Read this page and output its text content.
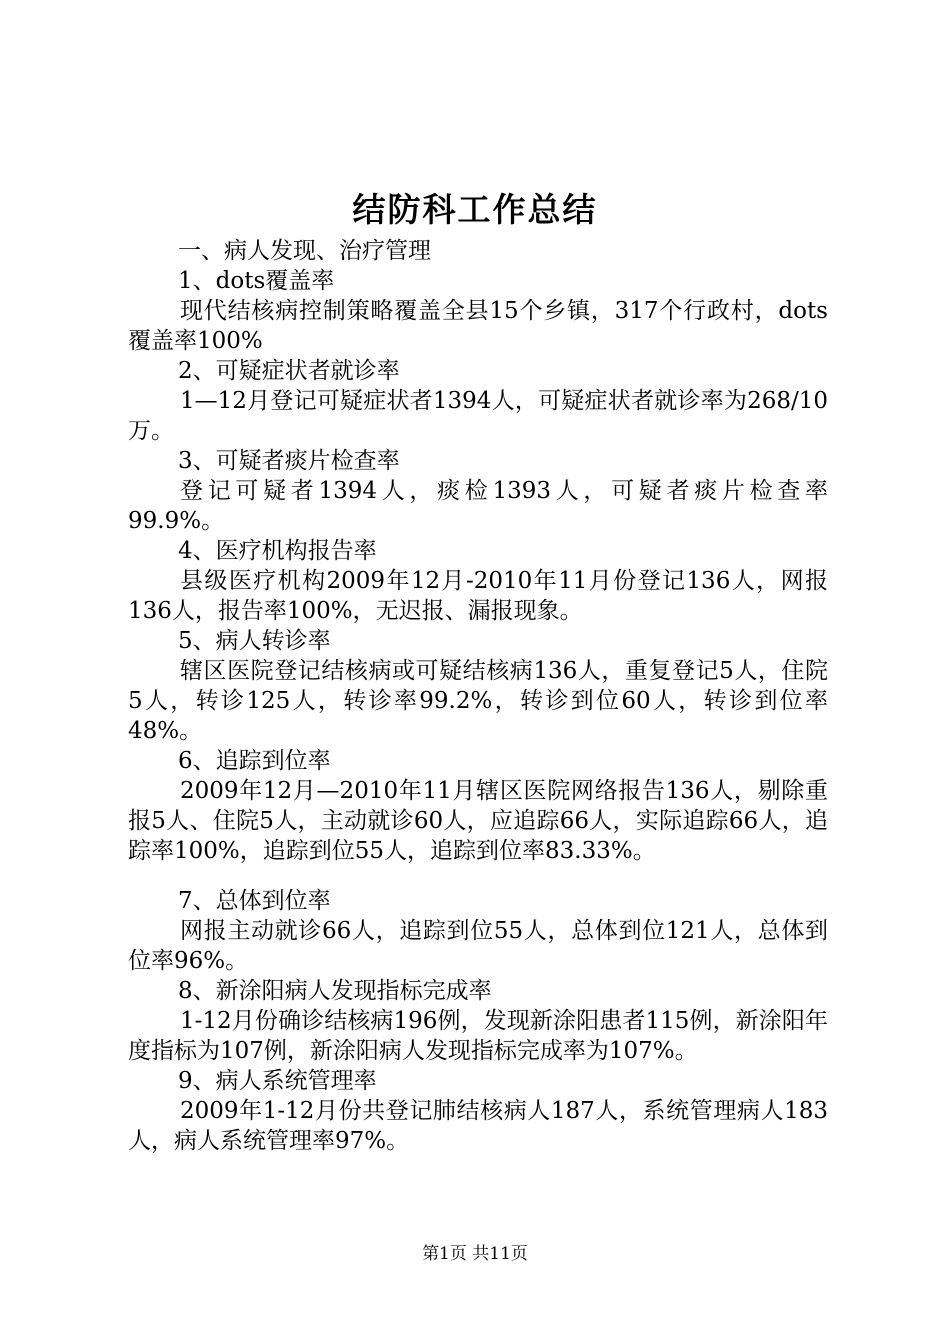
结防科工作总结

一、病人发现、治疗管理

1、dots覆盖率

现代结核病控制策略覆盖全县15个乡镇，317个行政村，dots覆盖率100%

2、可疑症状者就诊率

1—12月登记可疑症状者1394人，可疑症状者就诊率为268/10万。

3、可疑者痰片检查率

登记可疑者1394人，痰检1393人，可疑者痰片检查率99.9%。

4、医疗机构报告率

县级医疗机构2009年12月-2010年11月份登记136人，网报136人，报告率100%，无迟报、漏报现象。

5、病人转诊率

辖区医院登记结核病或可疑结核病136人，重复登记5人，住院5人，转诊125人，转诊率99.2%，转诊到位60人，转诊到位率48%。

6、追踪到位率

2009年12月—2010年11月辖区医院网络报告136人，剔除重报5人、住院5人，主动就诊60人，应追踪66人，实际追踪66人，追踪率100%，追踪到位55人，追踪到位率83.33%。

7、总体到位率

网报主动就诊66人，追踪到位55人，总体到位121人，总体到位率96%。

8、新涂阳病人发现指标完成率

1-12月份确诊结核病196例，发现新涂阳患者115例，新涂阳年度指标为107例，新涂阳病人发现指标完成率为107%。

9、病人系统管理率

2009年1-12月份共登记肺结核病人187人，系统管理病人183人，病人系统管理率97%。

第1页 共11页
